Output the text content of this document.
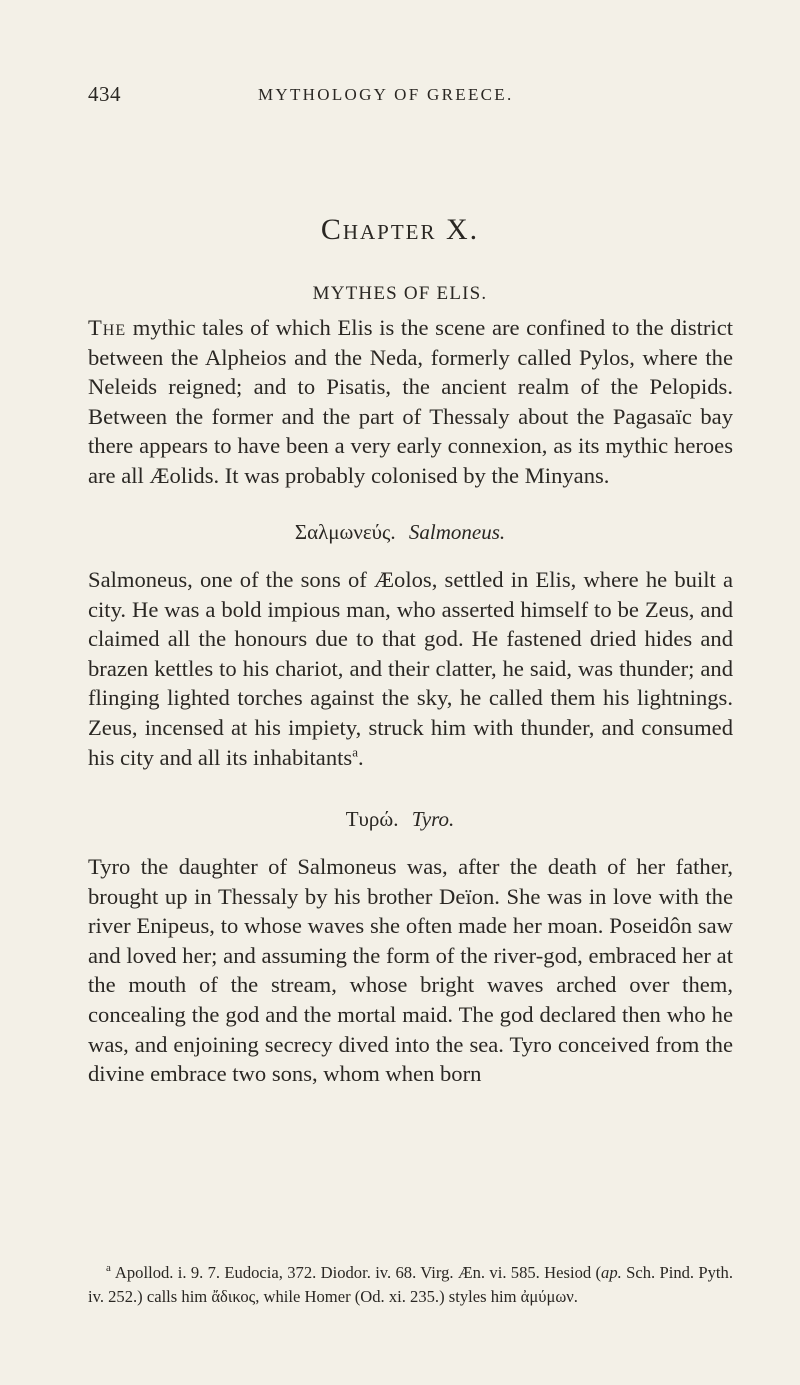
434	MYTHOLOGY OF GREECE.
Chapter X.
MYTHES OF ELIS.

The mythic tales of which Elis is the scene are confined to the district between the Alpheios and the Neda, formerly called Pylos, where the Neleids reigned; and to Pisatis, the ancient realm of the Pelopids. Between the former and the part of Thessaly about the Pagasaïc bay there appears to have been a very early connexion, as its mythic heroes are all Æolids. It was probably colonised by the Minyans.

Σαλμωνεύς. Salmoneus.

Salmoneus, one of the sons of Æolos, settled in Elis, where he built a city. He was a bold impious man, who asserted himself to be Zeus, and claimed all the honours due to that god. He fastened dried hides and brazen kettles to his chariot, and their clatter, he said, was thunder; and flinging lighted torches against the sky, he called them his lightnings. Zeus, incensed at his impiety, struck him with thunder, and consumed his city and all its inhabitants$^a$.

Τυρώ. Tyro.

Tyro the daughter of Salmoneus was, after the death of her father, brought up in Thessaly by his brother Deïon. She was in love with the river Enipeus, to whose waves she often made her moan. Poseidôn saw and loved her; and assuming the form of the river-god, embraced her at the mouth of the stream, whose bright waves arched over them, concealing the god and the mortal maid. The god declared then who he was, and enjoining secrecy dived into the sea. Tyro conceived from the divine embrace two sons, whom when born

$^a$ Apollod. i. 9. 7. Eudocia, 372. Diodor. iv. 68. Virg. Æn. vi. 585. Hesiod (ap. Sch. Pind. Pyth. iv. 252.) calls him ἄδικος, while Homer (Od. xi. 235.) styles him ἀμύμων.
